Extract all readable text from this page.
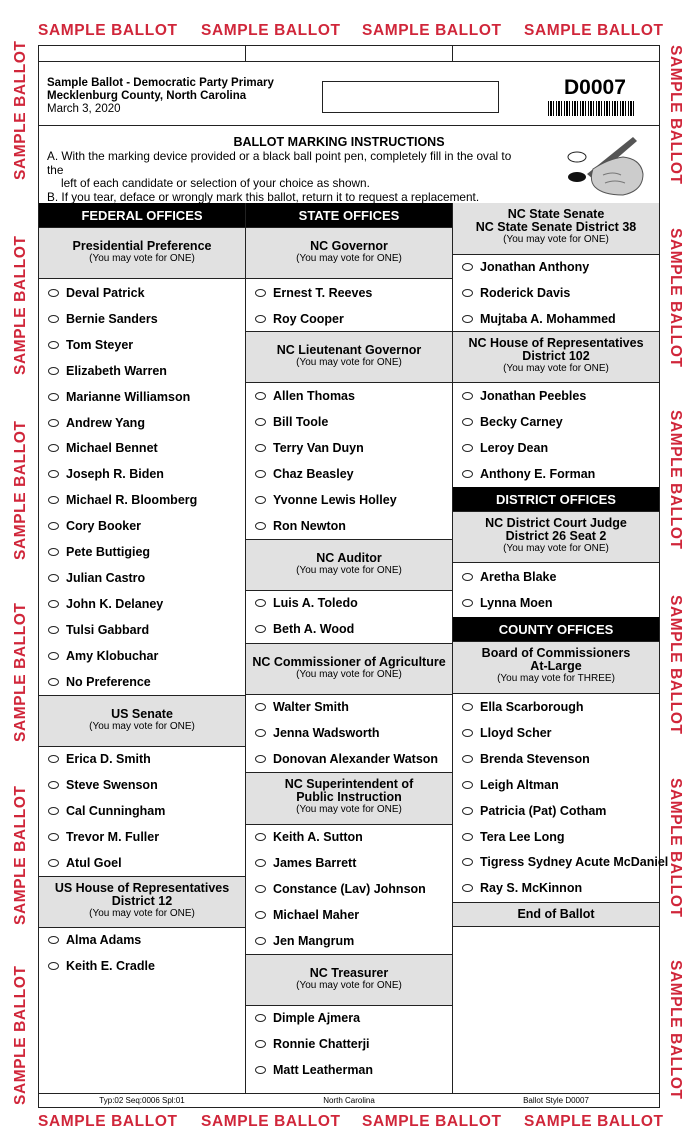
SAMPLE BALLOT SAMPLE BALLOT SAMPLE BALLOT SAMPLE BALLOT
SAMPLE BALLOT SAMPLE BALLOT SAMPLE BALLOT SAMPLE BALLOT
SAMPLE BALLOT
SAMPLE BALLOT
SAMPLE BALLOT
SAMPLE BALLOT
SAMPLE BALLOT
SAMPLE BALLOT
SAMPLE BALLOT
SAMPLE BALLOT
SAMPLE BALLOT
SAMPLE BALLOT
SAMPLE BALLOT
SAMPLE BALLOT
Sample Ballot - Democratic Party Primary
Mecklenburg County, North Carolina
March 3, 2020
D0007
BALLOT MARKING INSTRUCTIONS
A. With the marking device provided or a black ball point pen, completely fill in the oval to the
left of each candidate or selection of your choice as shown.
B. If you tear, deface or wrongly mark this ballot, return it to request a replacement.
FEDERAL OFFICES
Presidential Preference
(You may vote for ONE)
US Senate
(You may vote for ONE)
US House of Representatives
District 12
(You may vote for ONE)
Deval Patrick
Bernie Sanders
Tom Steyer
Elizabeth Warren
Marianne Williamson
Andrew Yang
Michael Bennet
Joseph R. Biden
Michael R. Bloomberg
Cory Booker
Pete Buttigieg
Julian Castro
John K. Delaney
Tulsi Gabbard
Amy Klobuchar
No Preference
Erica D. Smith
Steve Swenson
Cal Cunningham
Trevor M. Fuller
Atul Goel
Alma Adams
Keith E. Cradle
STATE OFFICES
NC Governor
(You may vote for ONE)
NC Lieutenant Governor
(You may vote for ONE)
NC Auditor
(You may vote for ONE)
NC Commissioner of Agriculture
(You may vote for ONE)
NC Superintendent of
Public Instruction
(You may vote for ONE)
NC Treasurer
(You may vote for ONE)
Ernest T. Reeves
Roy Cooper
Allen Thomas
Bill Toole
Terry Van Duyn
Chaz Beasley
Yvonne Lewis Holley
Ron Newton
Luis A. Toledo
Beth A. Wood
Walter Smith
Jenna Wadsworth
Donovan Alexander Watson
Keith A. Sutton
James Barrett
Constance (Lav) Johnson
Michael Maher
Jen Mangrum
Dimple Ajmera
Ronnie Chatterji
Matt Leatherman
NC State Senate
NC State Senate District 38
(You may vote for ONE)
NC House of Representatives
District 102
(You may vote for ONE)
DISTRICT OFFICES
NC District Court Judge
District 26 Seat 2
(You may vote for ONE)
COUNTY OFFICES
Board of Commissioners
At-Large
(You may vote for THREE)
End of Ballot
Jonathan Anthony
Roderick Davis
Mujtaba A. Mohammed
Jonathan Peebles
Becky Carney
Leroy Dean
Anthony E. Forman
Aretha Blake
Lynna Moen
Ella Scarborough
Lloyd Scher
Brenda Stevenson
Leigh Altman
Patricia (Pat) Cotham
Tera Lee Long
Tigress Sydney Acute McDaniel
Ray S. McKinnon
Typ:02 Seq:0006 Spl:01	North Carolina	Ballot Style D0007
